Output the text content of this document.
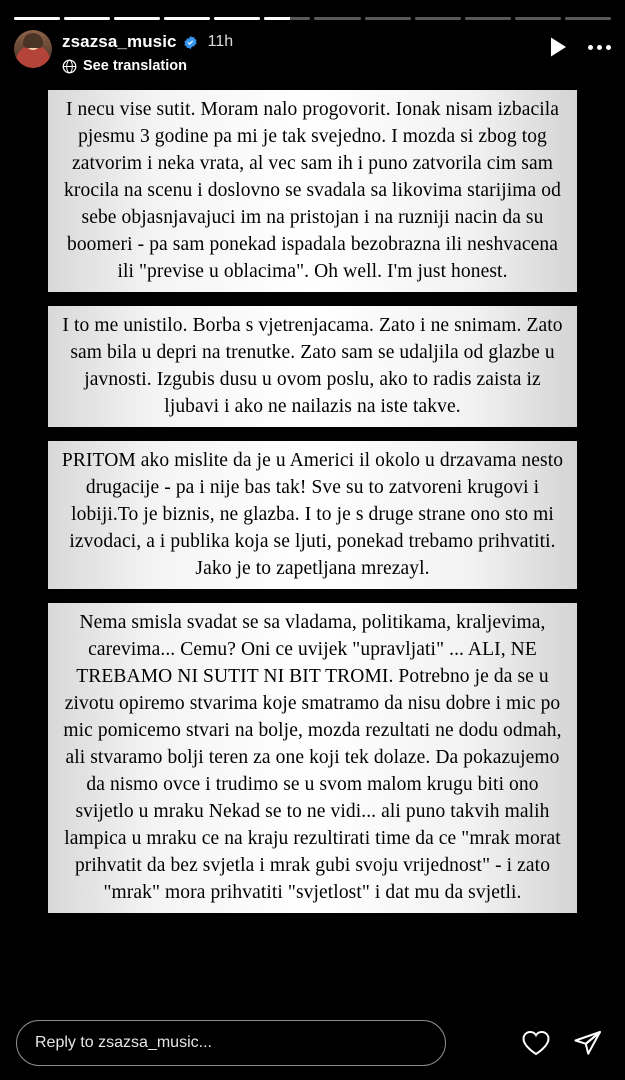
zsazsa_music 11h
See translation

I necu vise sutit. Moram nalo progovorit. Ionak nisam izbacila pjesmu 3 godine pa mi je tak svejedno. I mozda si zbog tog zatvorim i neka vrata, al vec sam ih i puno zatvorila cim sam krocila na scenu i doslovno se svadala sa likovima starijima od sebe objasnjavajuci im na pristojan i na ruzniji nacin da su boomeri - pa sam ponekad ispadala bezobrazna ili neshvacena ili "previse u oblacima". Oh well. I'm just honest.

I to me unistilo. Borba s vjetrenjacama. Zato i ne snimam. Zato sam bila u depri na trenutke. Zato sam se udaljila od glazbe u javnosti. Izgubis dusu u ovom poslu, ako to radis zaista iz ljubavi i ako ne nailazis na iste takve.

PRITOM ako mislite da je u Americi il okolo u drzavama nesto drugacije - pa i nije bas tak! Sve su to zatvoreni krugovi i lobiji.To je biznis, ne glazba. I to je s druge strane ono sto mi izvodaci, a i publika koja se ljuti, ponekad trebamo prihvatiti. Jako je to zapetljana mrezayl.

Nema smisla svadat se sa vladama, politikama, kraljevima, carevima... Cemu? Oni ce uvijek "upravljati" ... ALI, NE TREBAMO NI SUTIT NI BIT TROMI. Potrebno je da se u zivotu opiremo stvarima koje smatramo da nisu dobre i mic po mic pomicemo stvari na bolje, mozda rezultati ne dodu odmah, ali stvaramo bolji teren za one koji tek dolaze. Da pokazujemo da nismo ovce i trudimo se u svom malom krugu biti ono svijetlo u mraku Nekad se to ne vidi... ali puno takvih malih lampica u mraku ce na kraju rezultirati time da ce "mrak morat prihvatit da bez svjetla i mrak gubi svoju vrijednost" - i zato "mrak" mora prihvatiti "svjetlost" i dat mu da svjetli.

Reply to zsazsa_music...
